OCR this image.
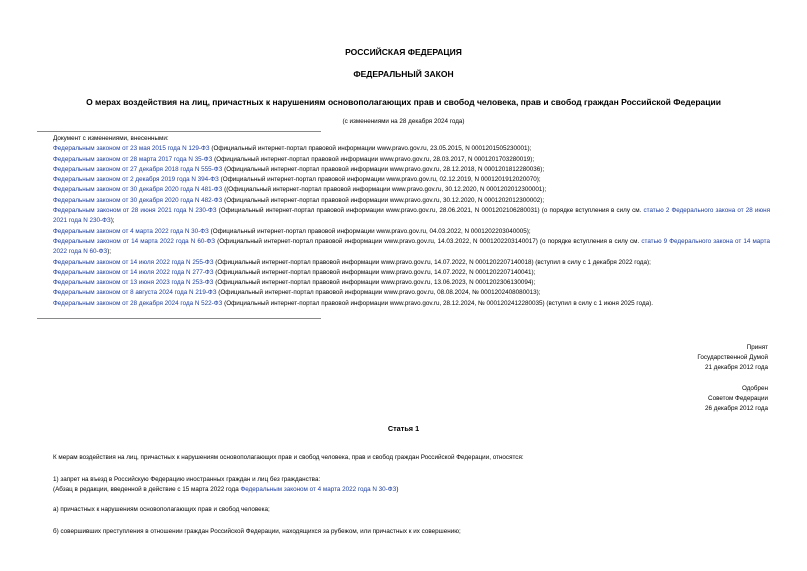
РОССИЙСКАЯ ФЕДЕРАЦИЯ
ФЕДЕРАЛЬНЫЙ ЗАКОН
О мерах воздействия на лиц, причастных к нарушениям основополагающих прав и свобод человека, прав и свобод граждан Российской Федерации
(с изменениями на 28 декабря 2024 года)
Документ с изменениями, внесенными:
Федеральным законом от 23 мая 2015 года N 129-ФЗ (Официальный интернет-портал правовой информации www.pravo.gov.ru, 23.05.2015, N 0001201505230001);
Федеральным законом от 28 марта 2017 года N 35-ФЗ (Официальный интернет-портал правовой информации www.pravo.gov.ru, 28.03.2017, N 0001201703280019);
Федеральным законом от 27 декабря 2018 года N 555-ФЗ (Официальный интернет-портал правовой информации www.pravo.gov.ru, 28.12.2018, N 0001201812280036);
Федеральным законом от 2 декабря 2019 года N 394-ФЗ (Официальный интернет-портал правовой информации www.pravo.gov.ru, 02.12.2019, N 0001201912020070);
Федеральным законом от 30 декабря 2020 года N 481-ФЗ ((Официальный интернет-портал правовой информации www.pravo.gov.ru, 30.12.2020, N 0001202012300001);
Федеральным законом от 30 декабря 2020 года N 482-ФЗ (Официальный интернет-портал правовой информации www.pravo.gov.ru, 30.12.2020, N 0001202012300002);
Федеральным законом от 28 июня 2021 года N 230-ФЗ (Официальный интернет-портал правовой информации www.pravo.gov.ru, 28.06.2021, N 0001202106280031) (о порядке вступления в силу см. статью 2 Федерального закона от 28 июня 2021 года N 230-ФЗ);
Федеральным законом от 4 марта 2022 года N 30-ФЗ (Официальный интернет-портал правовой информации www.pravo.gov.ru, 04.03.2022, N 0001202203040005);
Федеральным законом от 14 марта 2022 года N 60-ФЗ (Официальный интернет-портал правовой информации www.pravo.gov.ru, 14.03.2022, N 0001202203140017) (о порядке вступления в силу см. статью 9 Федерального закона от 14 марта 2022 года N 60-ФЗ);
Федеральным законом от 14 июля 2022 года N 255-ФЗ (Официальный интернет-портал правовой информации www.pravo.gov.ru, 14.07.2022, N 0001202207140018) (вступил в силу с 1 декабря 2022 года);
Федеральным законом от 14 июля 2022 года N 277-ФЗ (Официальный интернет-портал правовой информации www.pravo.gov.ru, 14.07.2022, N 0001202207140041);
Федеральным законом от 13 июня 2023 года N 253-ФЗ (Официальный интернет-портал правовой информации www.pravo.gov.ru, 13.06.2023, N 0001202306130094);
Федеральным законом от 8 августа 2024 года N 219-ФЗ (Официальный интернет-портал правовой информации www.pravo.gov.ru, 08.08.2024, № 0001202408080013);
Федеральным законом от 28 декабря 2024 года N 522-ФЗ (Официальный интернет-портал правовой информации www.pravo.gov.ru, 28.12.2024, № 0001202412280035) (вступил в силу с 1 июня 2025 года).
Принят
Государственной Думой
21 декабря 2012 года
Одобрен
Советом Федерации
26 декабря 2012 года
Статья 1
К мерам воздействия на лиц, причастных к нарушениям основополагающих прав и свобод человека, прав и свобод граждан Российской Федерации, относятся:
1) запрет на въезд в Российскую Федерацию иностранных граждан и лиц без гражданства:
(Абзац в редакции, введенной в действие с 15 марта 2022 года Федеральным законом от 4 марта 2022 года N 30-ФЗ)
а) причастных к нарушениям основополагающих прав и свобод человека;
б) совершивших преступления в отношении граждан Российской Федерации, находящихся за рубежом, или причастных к их совершению;
